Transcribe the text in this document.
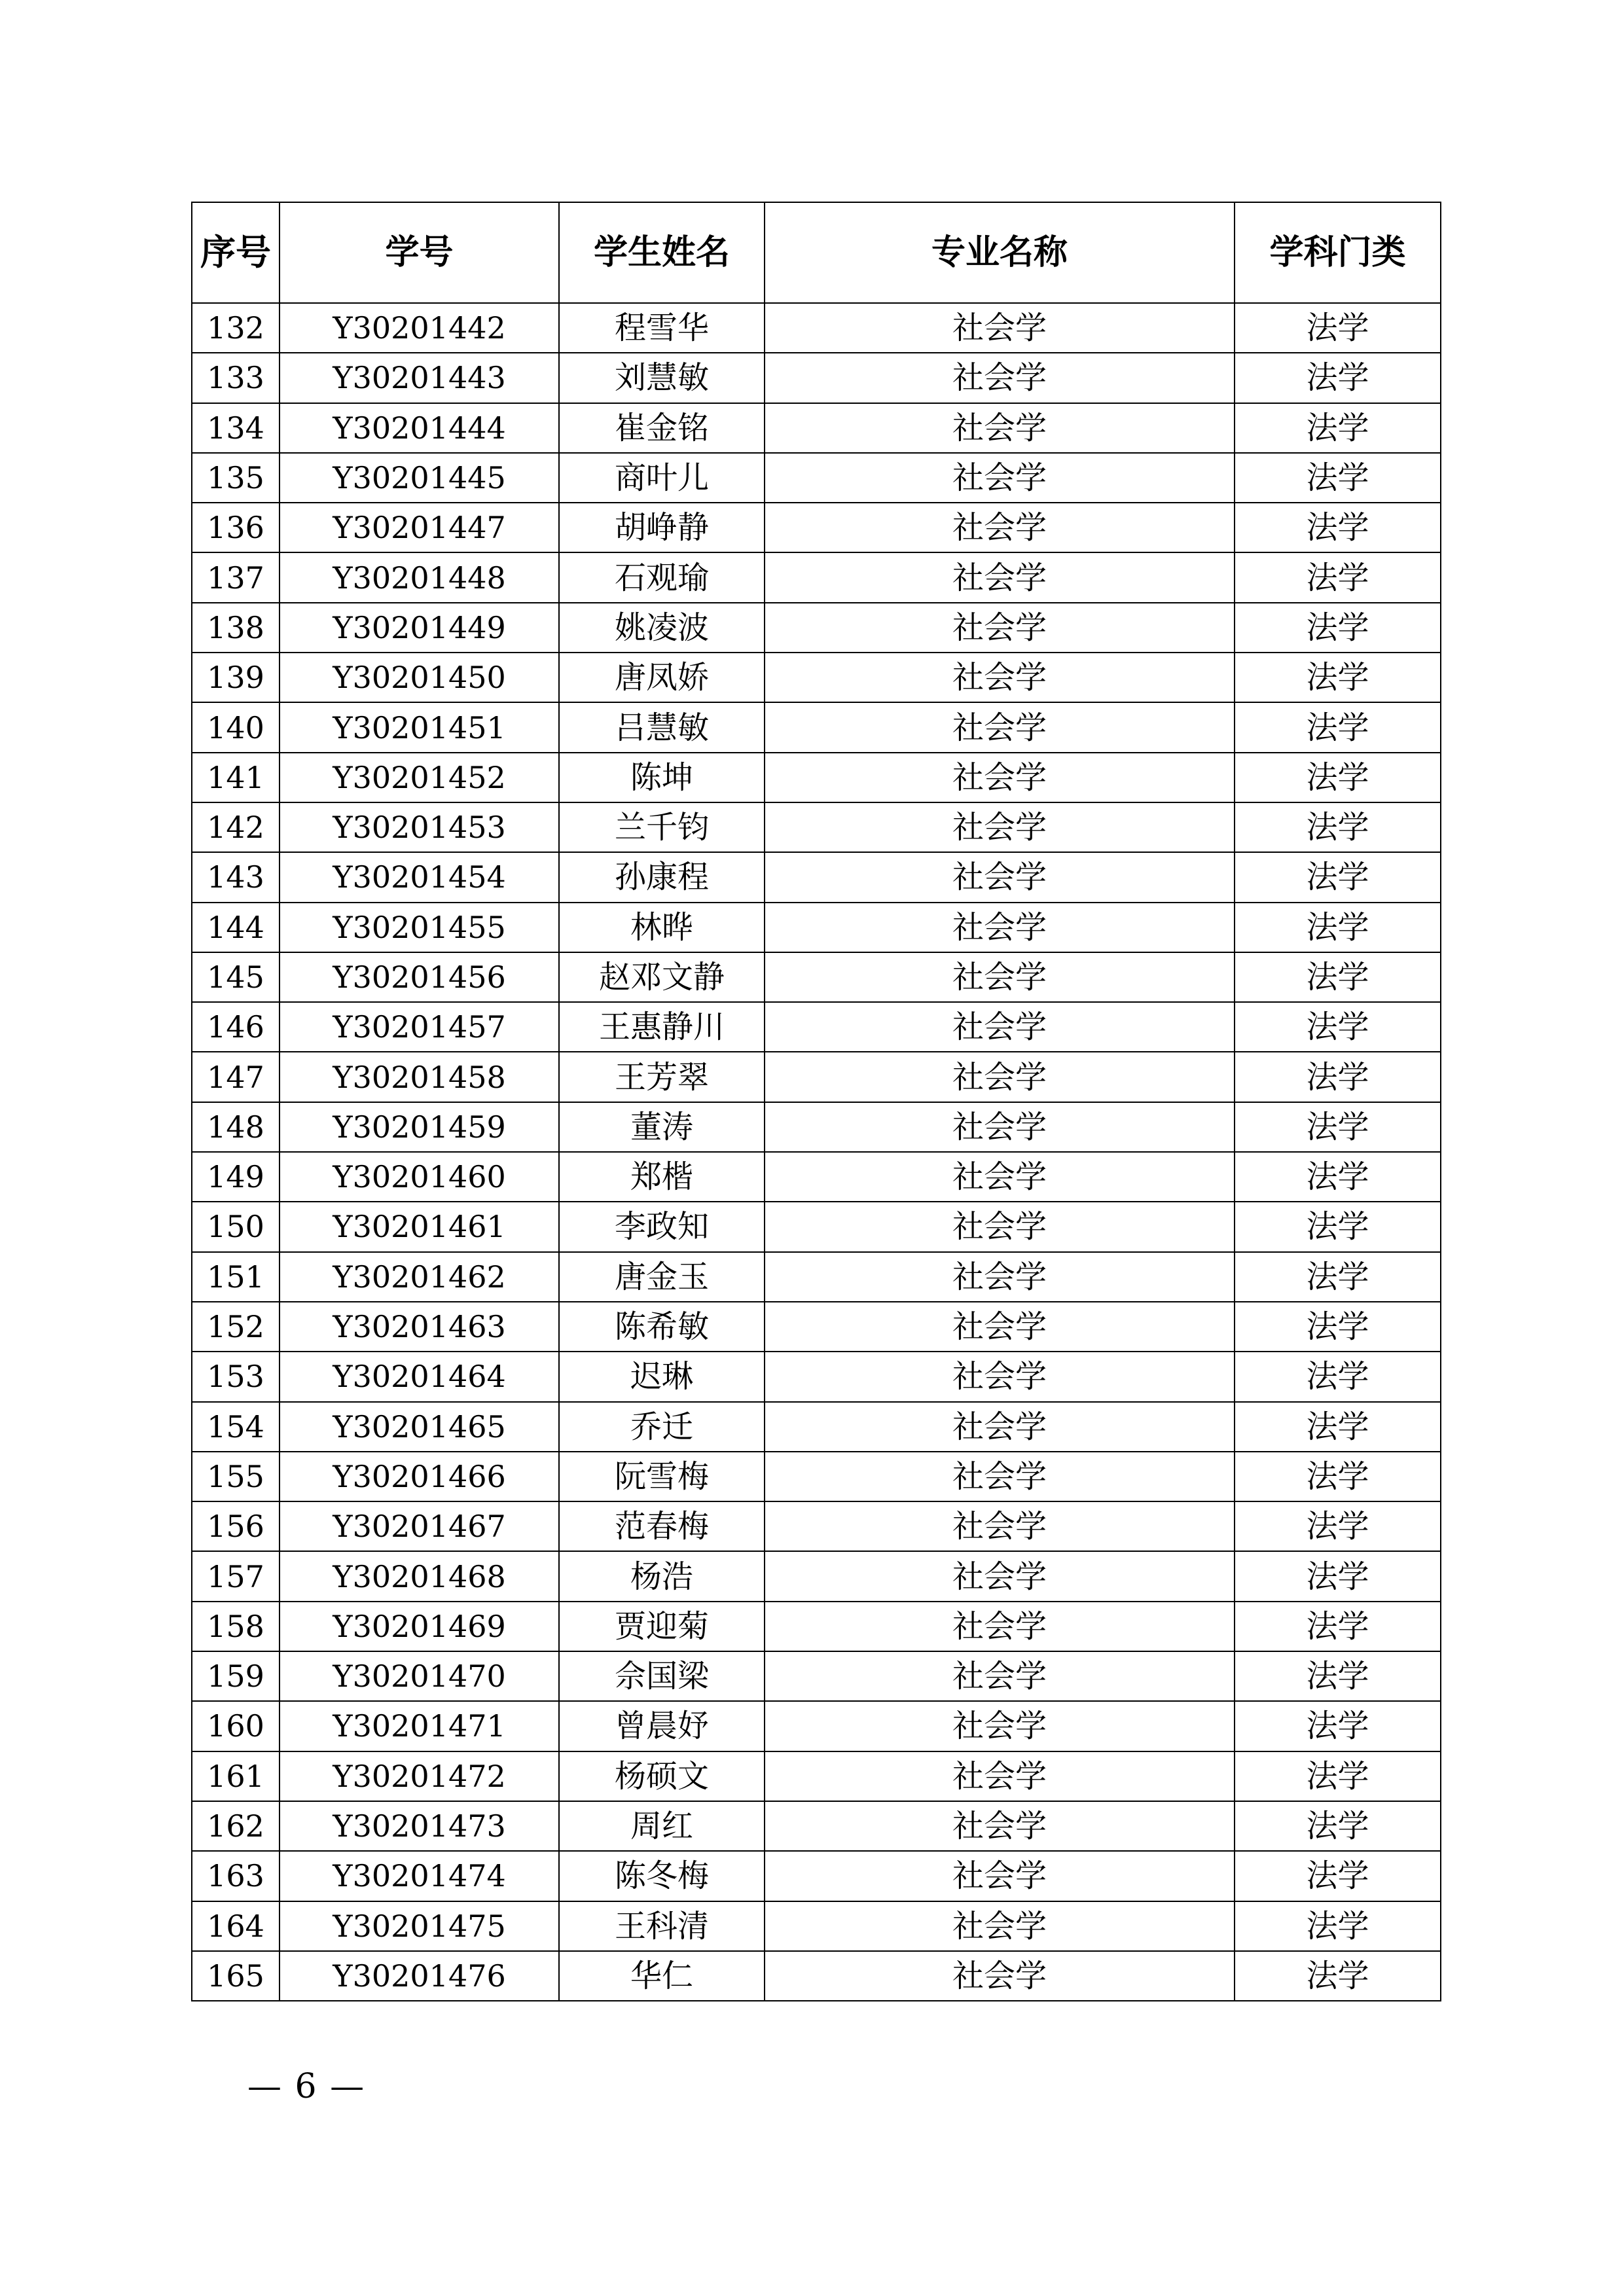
序号	学号	学生姓名	专业名称	学科门类
132	Y30201442	程雪华	社会学	法学
133	Y30201443	刘慧敏	社会学	法学
134	Y30201444	崔金铭	社会学	法学
135	Y30201445	商叶儿	社会学	法学
136	Y30201447	胡峥静	社会学	法学
137	Y30201448	石观瑜	社会学	法学
138	Y30201449	姚凌波	社会学	法学
139	Y30201450	唐凤娇	社会学	法学
140	Y30201451	吕慧敏	社会学	法学
141	Y30201452	陈坤	社会学	法学
142	Y30201453	兰千钧	社会学	法学
143	Y30201454	孙康程	社会学	法学
144	Y30201455	林晔	社会学	法学
145	Y30201456	赵邓文静	社会学	法学
146	Y30201457	王惠静川	社会学	法学
147	Y30201458	王芳翠	社会学	法学
148	Y30201459	董涛	社会学	法学
149	Y30201460	郑楷	社会学	法学
150	Y30201461	李政知	社会学	法学
151	Y30201462	唐金玉	社会学	法学
152	Y30201463	陈希敏	社会学	法学
153	Y30201464	迟琳	社会学	法学
154	Y30201465	乔迁	社会学	法学
155	Y30201466	阮雪梅	社会学	法学
156	Y30201467	范春梅	社会学	法学
157	Y30201468	杨浩	社会学	法学
158	Y30201469	贾迎菊	社会学	法学
159	Y30201470	佘国梁	社会学	法学
160	Y30201471	曾晨妤	社会学	法学
161	Y30201472	杨硕文	社会学	法学
162	Y30201473	周红	社会学	法学
163	Y30201474	陈冬梅	社会学	法学
164	Y30201475	王科清	社会学	法学
165	Y30201476	华仁	社会学	法学
— 6 —
